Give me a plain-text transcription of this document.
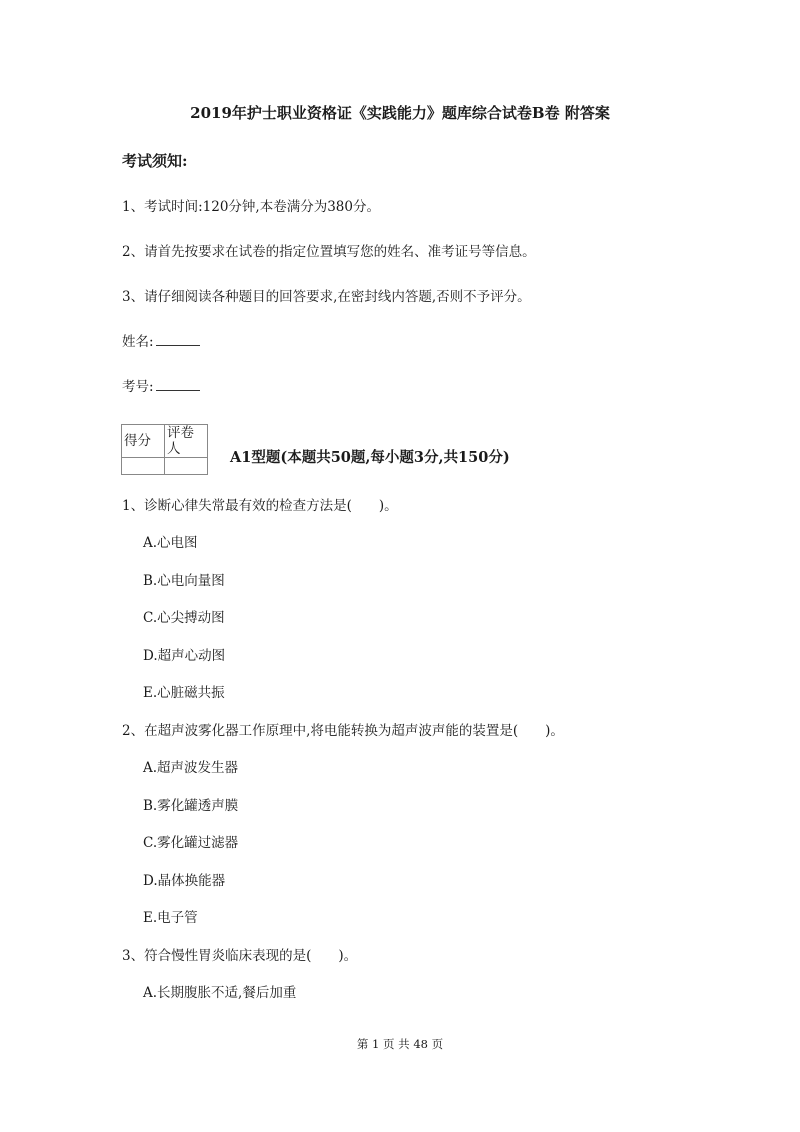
2019年护士职业资格证《实践能力》题库综合试卷B卷 附答案
考试须知:
1、考试时间:120分钟,本卷满分为380分。
2、请首先按要求在试卷的指定位置填写您的姓名、准考证号等信息。
3、请仔细阅读各种题目的回答要求,在密封线内答题,否则不予评分。
姓名:
考号:
得分	评卷人
		A1型题(本题共50题,每小题3分,共150分)
1、诊断心律失常最有效的检查方法是(　　)。
A.心电图
B.心电向量图
C.心尖搏动图
D.超声心动图
E.心脏磁共振
2、在超声波雾化器工作原理中,将电能转换为超声波声能的装置是(　　)。
A.超声波发生器
B.雾化罐透声膜
C.雾化罐过滤器
D.晶体换能器
E.电子管
3、符合慢性胃炎临床表现的是(　　)。
A.长期腹胀不适,餐后加重
第 1 页 共 48 页
